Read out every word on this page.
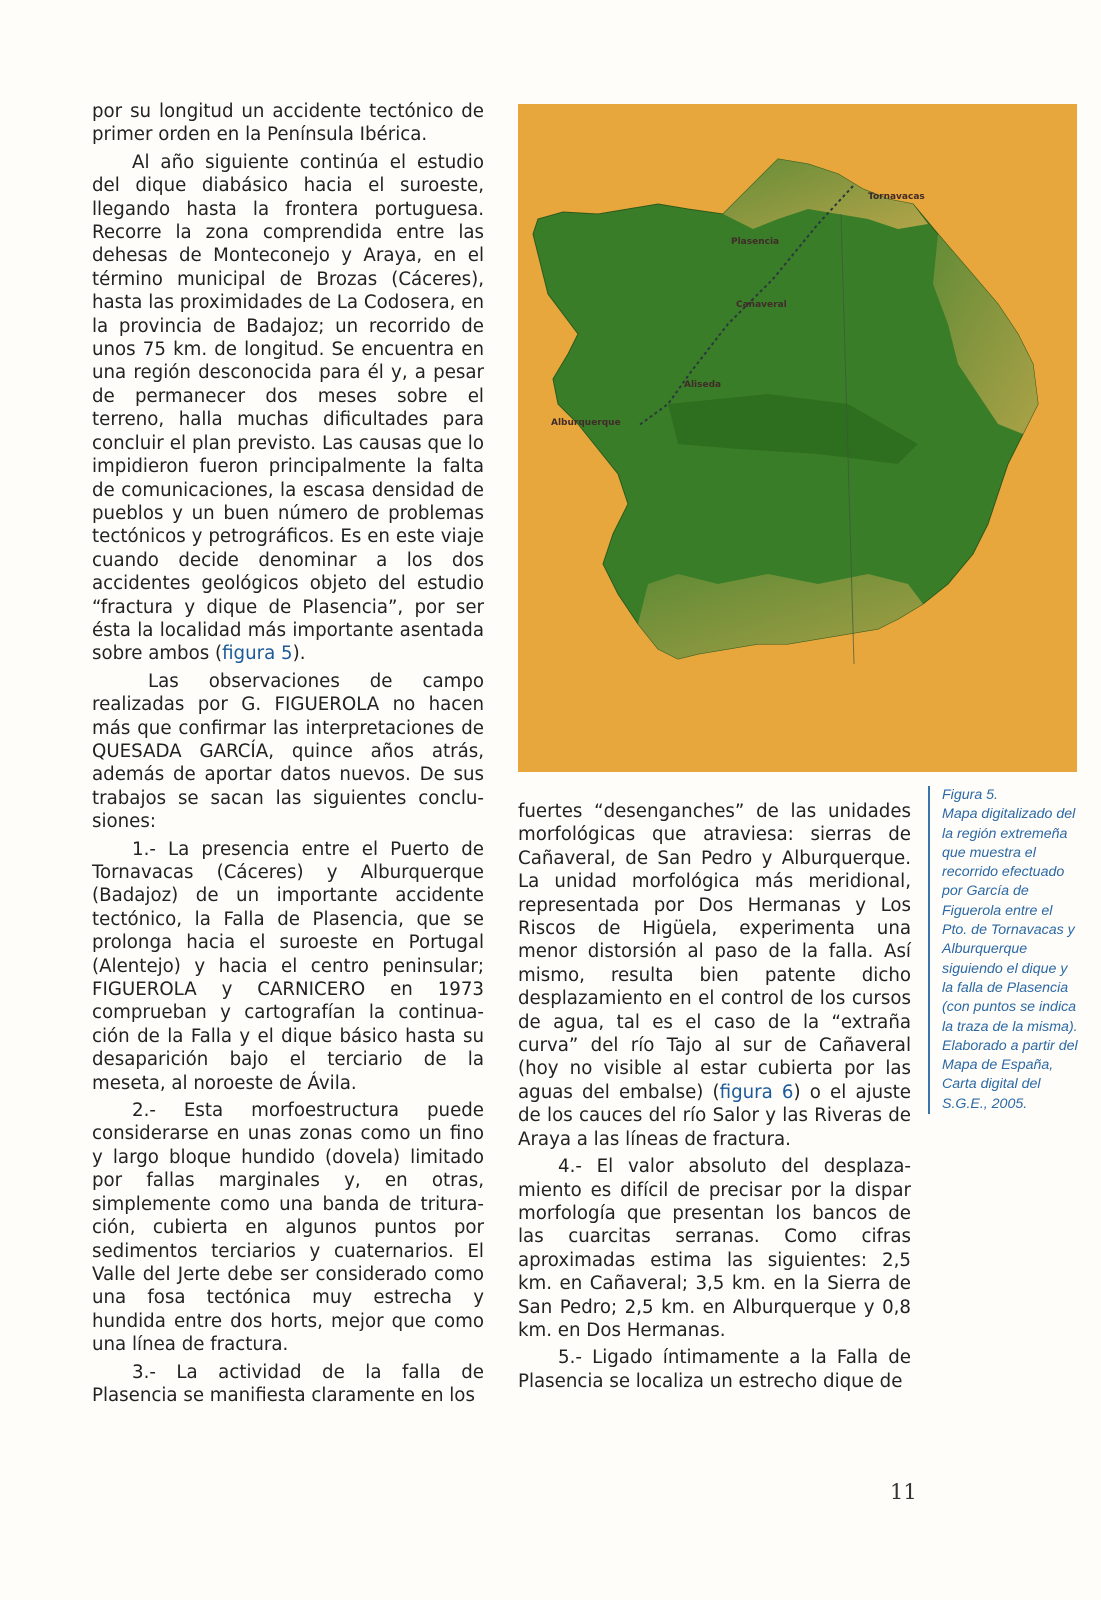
por su longitud un accidente tectónico de primer orden en la Península Ibérica.

Al año siguiente continúa el estudio del dique diabásico hacia el suroeste, llegando hasta la frontera portuguesa. Recorre la zona comprendida entre las dehesas de Monteconejo y Araya, en el término municipal de Brozas (Cáceres), hasta las proximidades de La Codosera, en la provincia de Badajoz; un recorrido de unos 75 km. de longitud. Se encuentra en una región desconocida para él y, a pesar de permanecer dos meses sobre el terreno, halla muchas dificultades para concluir el plan previsto. Las causas que lo impidieron fueron principalmente la falta de comunicaciones, la escasa densidad de pueblos y un buen número de problemas tectónicos y petrográficos. Es en este viaje cuando decide denominar a los dos accidentes geológicos objeto del estudio “fractura y dique de Plasencia”, por ser ésta la localidad más importante asentada sobre ambos (figura 5).

Las observaciones de campo realizadas por G. FIGUEROLA no hacen más que confirmar las interpretaciones de QUESADA GARCÍA, quince años atrás, además de aportar datos nuevos. De sus trabajos se sacan las siguientes conclu-siones:

1.- La presencia entre el Puerto de Tornavacas (Cáceres) y Alburquerque (Badajoz) de un importante accidente tectónico, la Falla de Plasencia, que se prolonga hacia el suroeste en Portugal (Alentejo) y hacia el centro peninsular; FIGUEROLA y CARNICERO en 1973 comprueban y cartografían la continua-ción de la Falla y el dique básico hasta su desaparición bajo el terciario de la meseta, al noroeste de Ávila.

2.- Esta morfoestructura puede considerarse en unas zonas como un fino y largo bloque hundido (dovela) limitado por fallas marginales y, en otras, simplemente como una banda de tritura-ción, cubierta en algunos puntos por sedimentos terciarios y cuaternarios. El Valle del Jerte debe ser considerado como una fosa tectónica muy estrecha y hundida entre dos horts, mejor que como una línea de fractura.

3.- La actividad de la falla de Plasencia se manifiesta claramente en los

Tornavacas
Plasencia
Cañaveral
Aliseda
Alburquerque
Figura 5.
Mapa digitalizado del
la región extremeña
que muestra el
recorrido efectuado
por García de
Figuerola entre el
Pto. de Tornavacas y
Alburquerque
siguiendo el dique y
la falla de Plasencia
(con puntos se indica
la traza de la misma).
Elaborado a partir del
Mapa de España,
Carta digital del
S.G.E., 2005.

fuertes “desenganches” de las unidades morfológicas que atraviesa: sierras de Cañaveral, de San Pedro y Alburquerque. La unidad morfológica más meridional, representada por Dos Hermanas y Los Riscos de Higüela, experimenta una menor distorsión al paso de la falla. Así mismo, resulta bien patente dicho desplazamiento en el control de los cursos de agua, tal es el caso de la “extraña curva” del río Tajo al sur de Cañaveral (hoy no visible al estar cubierta por las aguas del embalse) (figura 6) o el ajuste de los cauces del río Salor y las Riveras de Araya a las líneas de fractura.

4.- El valor absoluto del desplaza-miento es difícil de precisar por la dispar morfología que presentan los bancos de las cuarcitas serranas. Como cifras aproximadas estima las siguientes: 2,5 km. en Cañaveral; 3,5 km. en la Sierra de San Pedro; 2,5 km. en Alburquerque y 0,8 km. en Dos Hermanas.

5.- Ligado íntimamente a la Falla de Plasencia se localiza un estrecho dique de

11
